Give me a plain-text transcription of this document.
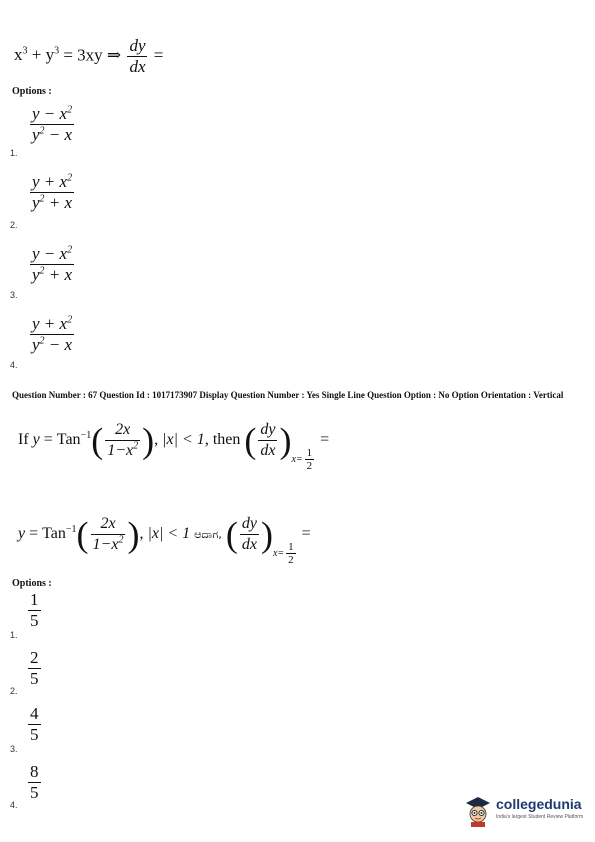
$x^3 + y^3 = 3xy$ ⇒ $\frac{dy}{dx}$ =
Options :
$\frac{y - x^2}{y^2 - x}$
1.
$\frac{y + x^2}{y^2 + x}$
2.
$\frac{y - x^2}{y^2 + x}$
3.
$\frac{y + x^2}{y^2 - x}$
4.
Question Number : 67 Question Id : 1017173907 Display Question Number : Yes Single Line Question Option : No Option Orientation : Vertical
If $y = Tan^{-1}( \frac{2x}{1-x^2}$ ), |x| < 1, then ( $\frac{dy}{dx} )x= \frac{1}{2}$
=
$y = Tan^{-1}( \frac{2x}{1-x^2}$ ), |x| < 1 ಆದಾಗ, ( $\frac{dy}{dx} )x= \frac{1}{2}$
=
Options :
$\frac{1}{5}$
1.
$\frac{2}{5}$
2.
$\frac{4}{5}$
3.
$\frac{8}{5}$
4.	collegedunia
India's largest Student Review Platform
